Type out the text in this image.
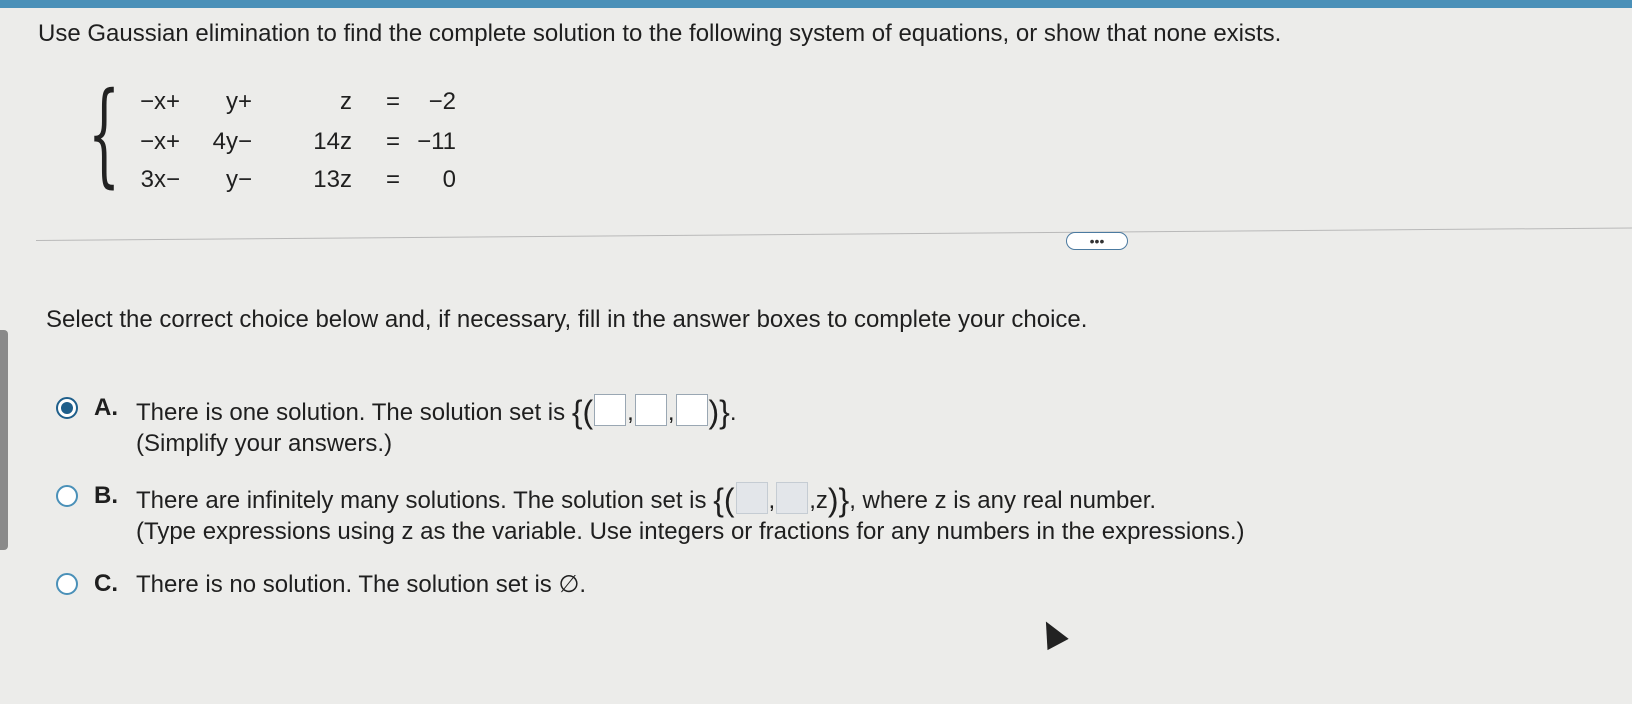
Use Gaussian elimination to find the complete solution to the following system of equations, or show that none exists.
{ −x+ y+	z = −2
−x+ 4y−	14z = −11
3x− y−	13z = 0
•••
Select the correct choice below and, if necessary, fill in the answer boxes to complete your choice.
A. There is one solution. The solution set is {( , , )}.
(Simplify your answers.)
B. There are infinitely many solutions. The solution set is {( , ,z)}, where z is any real number.
(Type expressions using z as the variable. Use integers or fractions for any numbers in the expressions.)
C. There is no solution. The solution set is ∅.
